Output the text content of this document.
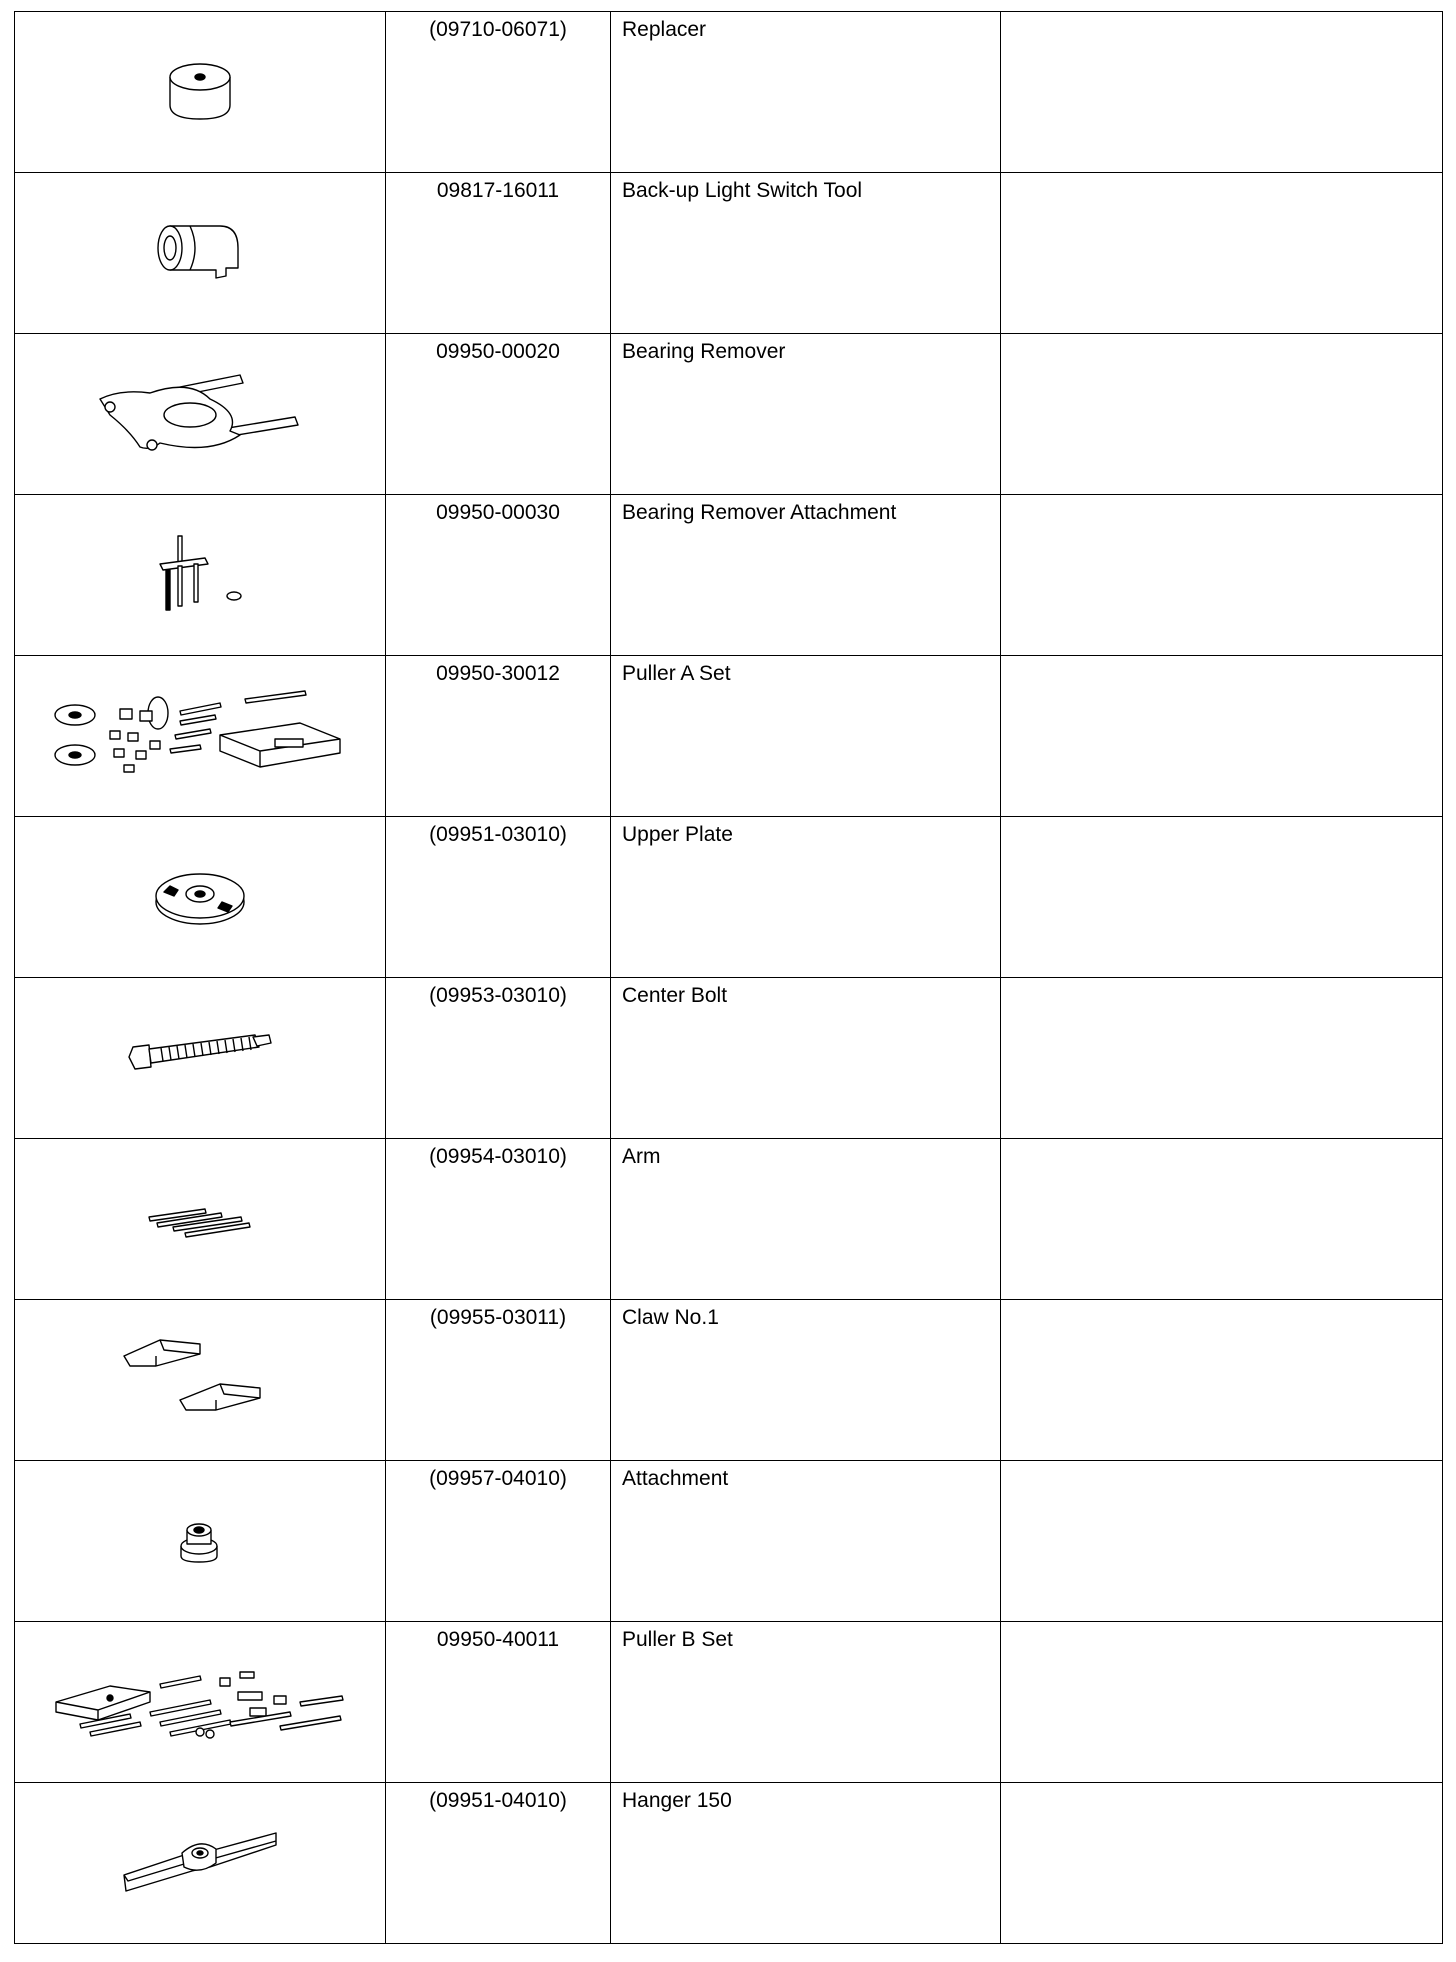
(09710-06071)	Replacer	

09817-16011	Back-up Light Switch Tool	

09950-00020	Bearing Remover	

09950-00030	Bearing Remover Attachment	

09950-30012	Puller A Set	

(09951-03010)	Upper Plate	

(09953-03010)	Center Bolt	

(09954-03010)	Arm	

(09955-03011)	Claw No.1	

(09957-04010)	Attachment	

09950-40011	Puller B Set	

(09951-04010)	Hanger 150	
